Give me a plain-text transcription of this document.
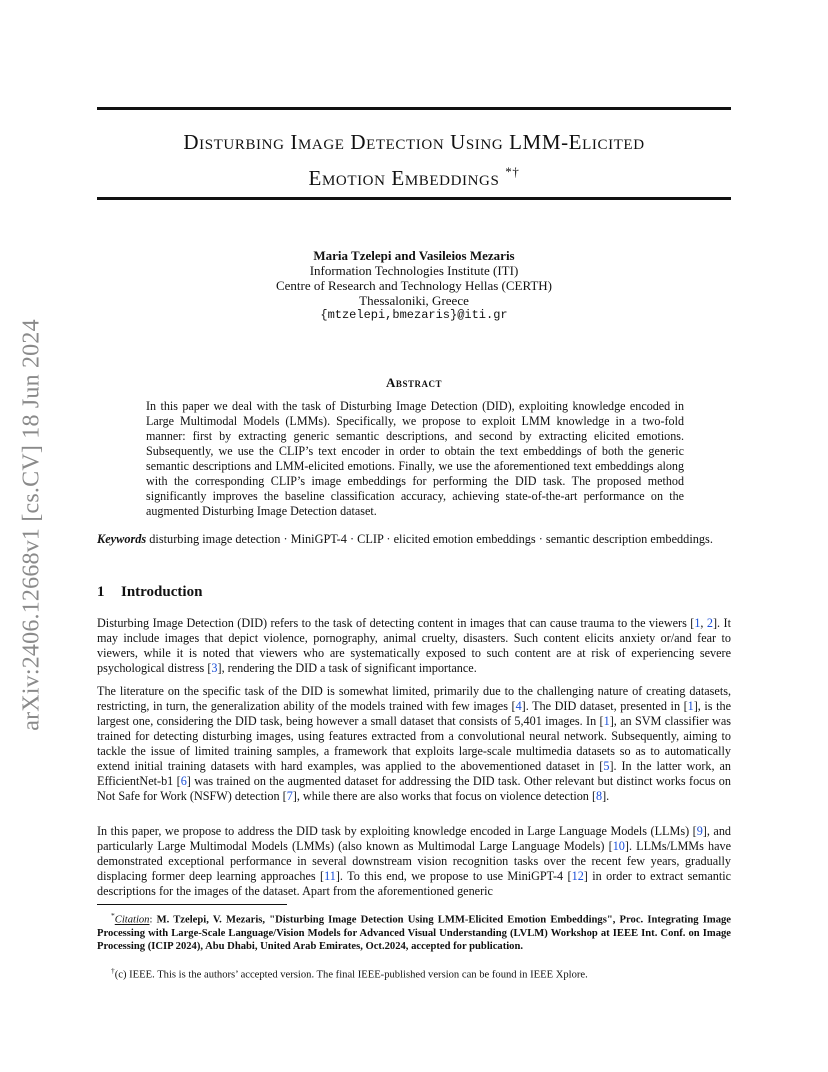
arXiv:2406.12668v1 [cs.CV] 18 Jun 2024
Disturbing Image Detection Using LMM-Elicited
Emotion Embeddings *†
Maria Tzelepi and Vasileios Mezaris
Information Technologies Institute (ITI)
Centre of Research and Technology Hellas (CERTH)
Thessaloniki, Greece
{mtzelepi,bmezaris}@iti.gr
Abstract
In this paper we deal with the task of Disturbing Image Detection (DID), exploiting knowledge encoded in Large Multimodal Models (LMMs). Specifically, we propose to exploit LMM knowledge in a two-fold manner: first by extracting generic semantic descriptions, and second by extracting elicited emotions. Subsequently, we use the CLIP’s text encoder in order to obtain the text embeddings of both the generic semantic descriptions and LMM-elicited emotions. Finally, we use the aforementioned text embeddings along with the corresponding CLIP’s image embeddings for performing the DID task. The proposed method significantly improves the baseline classification accuracy, achieving state-of-the-art performance on the augmented Disturbing Image Detection dataset.
Keywords disturbing image detection · MiniGPT-4 · CLIP · elicited emotion embeddings · semantic description embeddings.
1 Introduction
Disturbing Image Detection (DID) refers to the task of detecting content in images that can cause trauma to the viewers [1, 2]. It may include images that depict violence, pornography, animal cruelty, disasters. Such content elicits anxiety or/and fear to viewers, while it is noted that viewers who are systematically exposed to such content are at risk of experiencing severe psychological distress [3], rendering the DID a task of significant importance.
The literature on the specific task of the DID is somewhat limited, primarily due to the challenging nature of creating datasets, restricting, in turn, the generalization ability of the models trained with few images [4]. The DID dataset, presented in [1], is the largest one, considering the DID task, being however a small dataset that consists of 5,401 images. In [1], an SVM classifier was trained for detecting disturbing images, using features extracted from a convolutional neural network. Subsequently, aiming to tackle the issue of limited training samples, a framework that exploits large-scale multimedia datasets so as to automatically extend initial training datasets with hard examples, was applied to the abovementioned dataset in [5]. In the latter work, an EfficientNet-b1 [6] was trained on the augmented dataset for addressing the DID task. Other relevant but distinct works focus on Not Safe for Work (NSFW) detection [7], while there are also works that focus on violence detection [8].
In this paper, we propose to address the DID task by exploiting knowledge encoded in Large Language Models (LLMs) [9], and particularly Large Multimodal Models (LMMs) (also known as Multimodal Large Language Models) [10]. LLMs/LMMs have demonstrated exceptional performance in several downstream vision recognition tasks over the recent few years, gradually displacing former deep learning approaches [11]. To this end, we propose to use MiniGPT-4 [12] in order to extract semantic descriptions for the images of the dataset. Apart from the aforementioned generic
*Citation: M. Tzelepi, V. Mezaris, "Disturbing Image Detection Using LMM-Elicited Emotion Embeddings", Proc. Integrating Image Processing with Large-Scale Language/Vision Models for Advanced Visual Understanding (LVLM) Workshop at IEEE Int. Conf. on Image Processing (ICIP 2024), Abu Dhabi, United Arab Emirates, Oct.2024, accepted for publication.
†(c) IEEE. This is the authors’ accepted version. The final IEEE-published version can be found in IEEE Xplore.
